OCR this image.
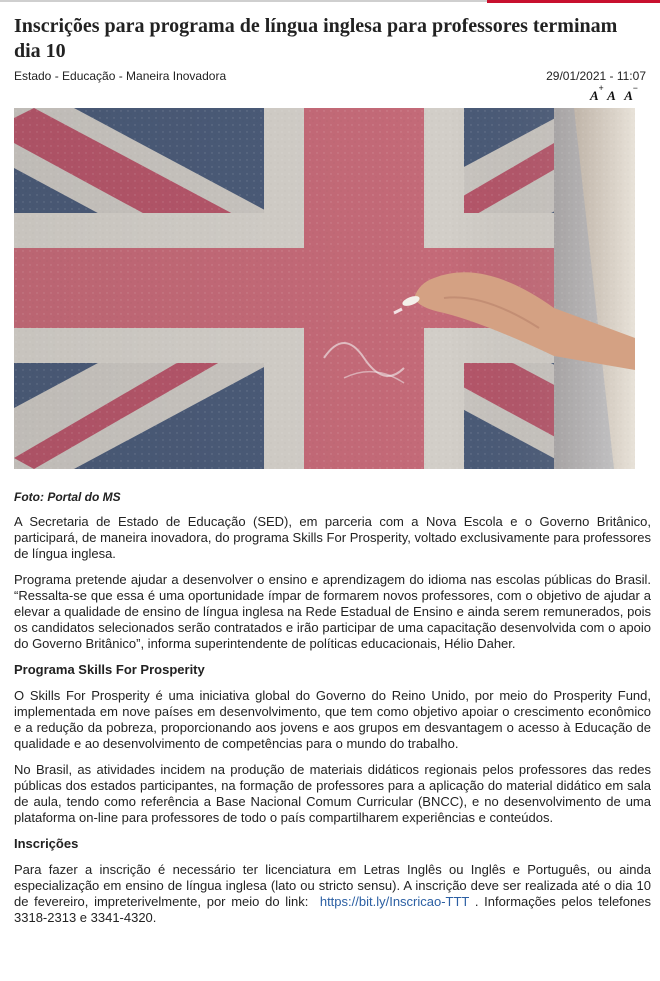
Inscrições para programa de língua inglesa para professores terminam dia 10
Estado - Educação - Maneira Inovadora	29/01/2021 - 11:07
A + A A −
Foto: Portal do MS

A Secretaria de Estado de Educação (SED), em parceria com a Nova Escola e o Governo Britânico, participará, de maneira inovadora, do programa Skills For Prosperity, voltado exclusivamente para professores de língua inglesa.

Programa pretende ajudar a desenvolver o ensino e aprendizagem do idioma nas escolas públicas do Brasil. “Ressalta-se que essa é uma oportunidade ímpar de formarem novos professores, com o objetivo de ajudar a elevar a qualidade de ensino de língua inglesa na Rede Estadual de Ensino e ainda serem remunerados, pois os candidatos selecionados serão contratados e irão participar de uma capacitação desenvolvida com o apoio do Governo Britânico”, informa superintendente de políticas educacionais, Hélio Daher.

Programa Skills For Prosperity

O Skills For Prosperity é uma iniciativa global do Governo do Reino Unido, por meio do Prosperity Fund, implementada em nove países em desenvolvimento, que tem como objetivo apoiar o crescimento econômico e a redução da pobreza, proporcionando aos jovens e aos grupos em desvantagem o acesso à Educação de qualidade e ao desenvolvimento de competências para o mundo do trabalho.

No Brasil, as atividades incidem na produção de materiais didáticos regionais pelos professores das redes públicas dos estados participantes, na formação de professores para a aplicação do material didático em sala de aula, tendo como referência a Base Nacional Comum Curricular (BNCC), e no desenvolvimento de uma plataforma on-line para professores de todo o país compartilharem experiências e conteúdos.

Inscrições

Para fazer a inscrição é necessário ter licenciatura em Letras Inglês ou Inglês e Português, ou ainda especialização em ensino de língua inglesa (lato ou stricto sensu). A inscrição deve ser realizada até o dia 10 de fevereiro, impreterivelmente, por meio do link: https://bit.ly/Inscricao-TTT . Informações pelos telefones 3318-2313 e 3341-4320.
